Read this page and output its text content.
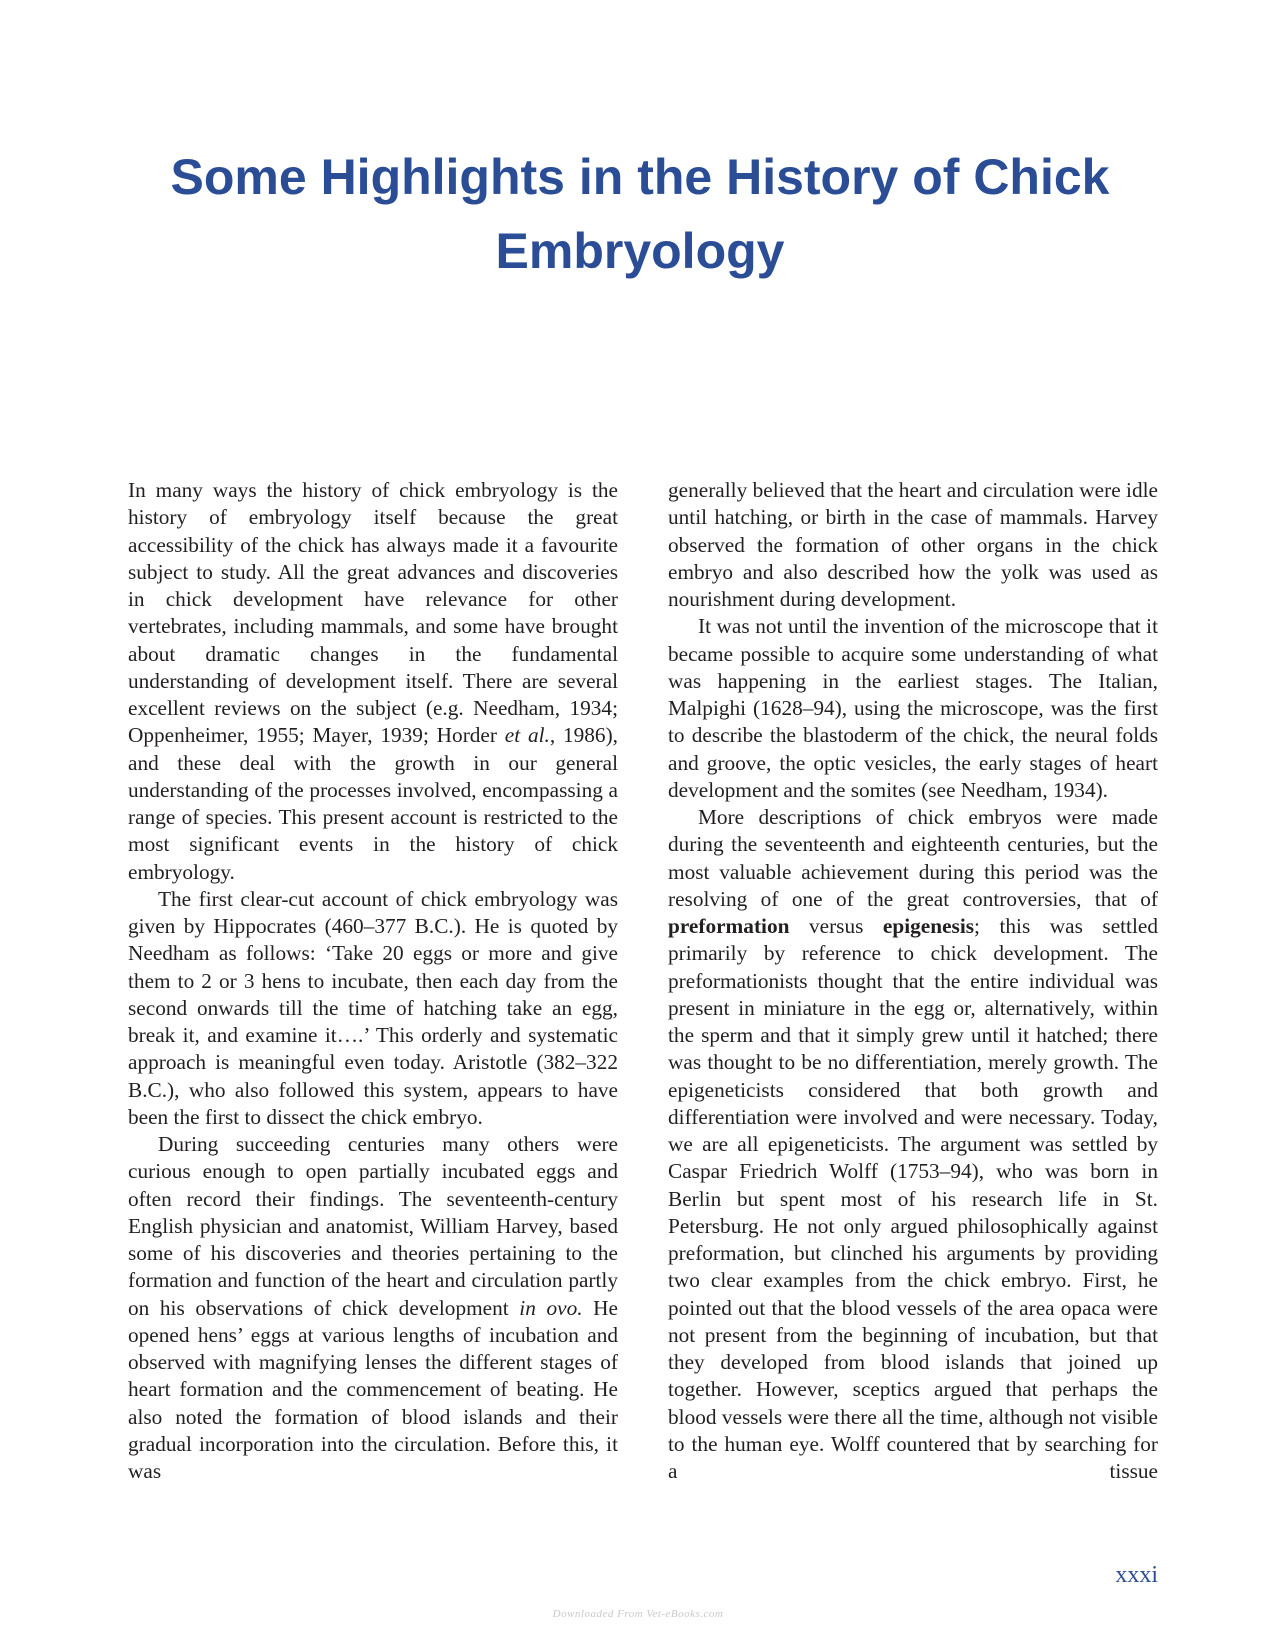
Some Highlights in the History of Chick Embryology

In many ways the history of chick embryology is the history of embryology itself because the great accessibility of the chick has always made it a favourite subject to study. All the great advances and discoveries in chick development have relevance for other vertebrates, including mammals, and some have brought about dramatic changes in the fundamental understanding of development itself. There are several excellent reviews on the subject (e.g. Needham, 1934; Oppenheimer, 1955; Mayer, 1939; Horder et al., 1986), and these deal with the growth in our general understanding of the processes involved, encompassing a range of species. This present account is restricted to the most significant events in the history of chick embryology.

The first clear-cut account of chick embryology was given by Hippocrates (460–377 B.C.). He is quoted by Needham as follows: ‘Take 20 eggs or more and give them to 2 or 3 hens to incubate, then each day from the second onwards till the time of hatching take an egg, break it, and examine it….’ This orderly and systematic approach is meaningful even today. Aristotle (382–322 B.C.), who also followed this system, appears to have been the first to dissect the chick embryo.

During succeeding centuries many others were curious enough to open partially incubated eggs and often record their findings. The seventeenth-century English physician and anatomist, William Harvey, based some of his discoveries and theories pertaining to the formation and function of the heart and circulation partly on his observations of chick development in ovo. He opened hens’ eggs at various lengths of incubation and observed with magnifying lenses the different stages of heart formation and the commencement of beating. He also noted the formation of blood islands and their gradual incorporation into the circulation. Before this, it was

generally believed that the heart and circulation were idle until hatching, or birth in the case of mammals. Harvey observed the formation of other organs in the chick embryo and also described how the yolk was used as nourishment during development.

It was not until the invention of the microscope that it became possible to acquire some understanding of what was happening in the earliest stages. The Italian, Malpighi (1628–94), using the microscope, was the first to describe the blastoderm of the chick, the neural folds and groove, the optic vesicles, the early stages of heart development and the somites (see Needham, 1934).

More descriptions of chick embryos were made during the seventeenth and eighteenth centuries, but the most valuable achievement during this period was the resolving of one of the great controversies, that of preformation versus epigenesis; this was settled primarily by reference to chick development. The preformationists thought that the entire individual was present in miniature in the egg or, alternatively, within the sperm and that it simply grew until it hatched; there was thought to be no differentiation, merely growth. The epigeneticists considered that both growth and differentiation were involved and were necessary. Today, we are all epigeneticists. The argument was settled by Caspar Friedrich Wolff (1753–94), who was born in Berlin but spent most of his research life in St. Petersburg. He not only argued philosophically against preformation, but clinched his arguments by providing two clear examples from the chick embryo. First, he pointed out that the blood vessels of the area opaca were not present from the beginning of incubation, but that they developed from blood islands that joined up together. However, sceptics argued that perhaps the blood vessels were there all the time, although not visible to the human eye. Wolff countered that by searching for a tissue

xxxi
Downloaded From Vet-eBooks.com
